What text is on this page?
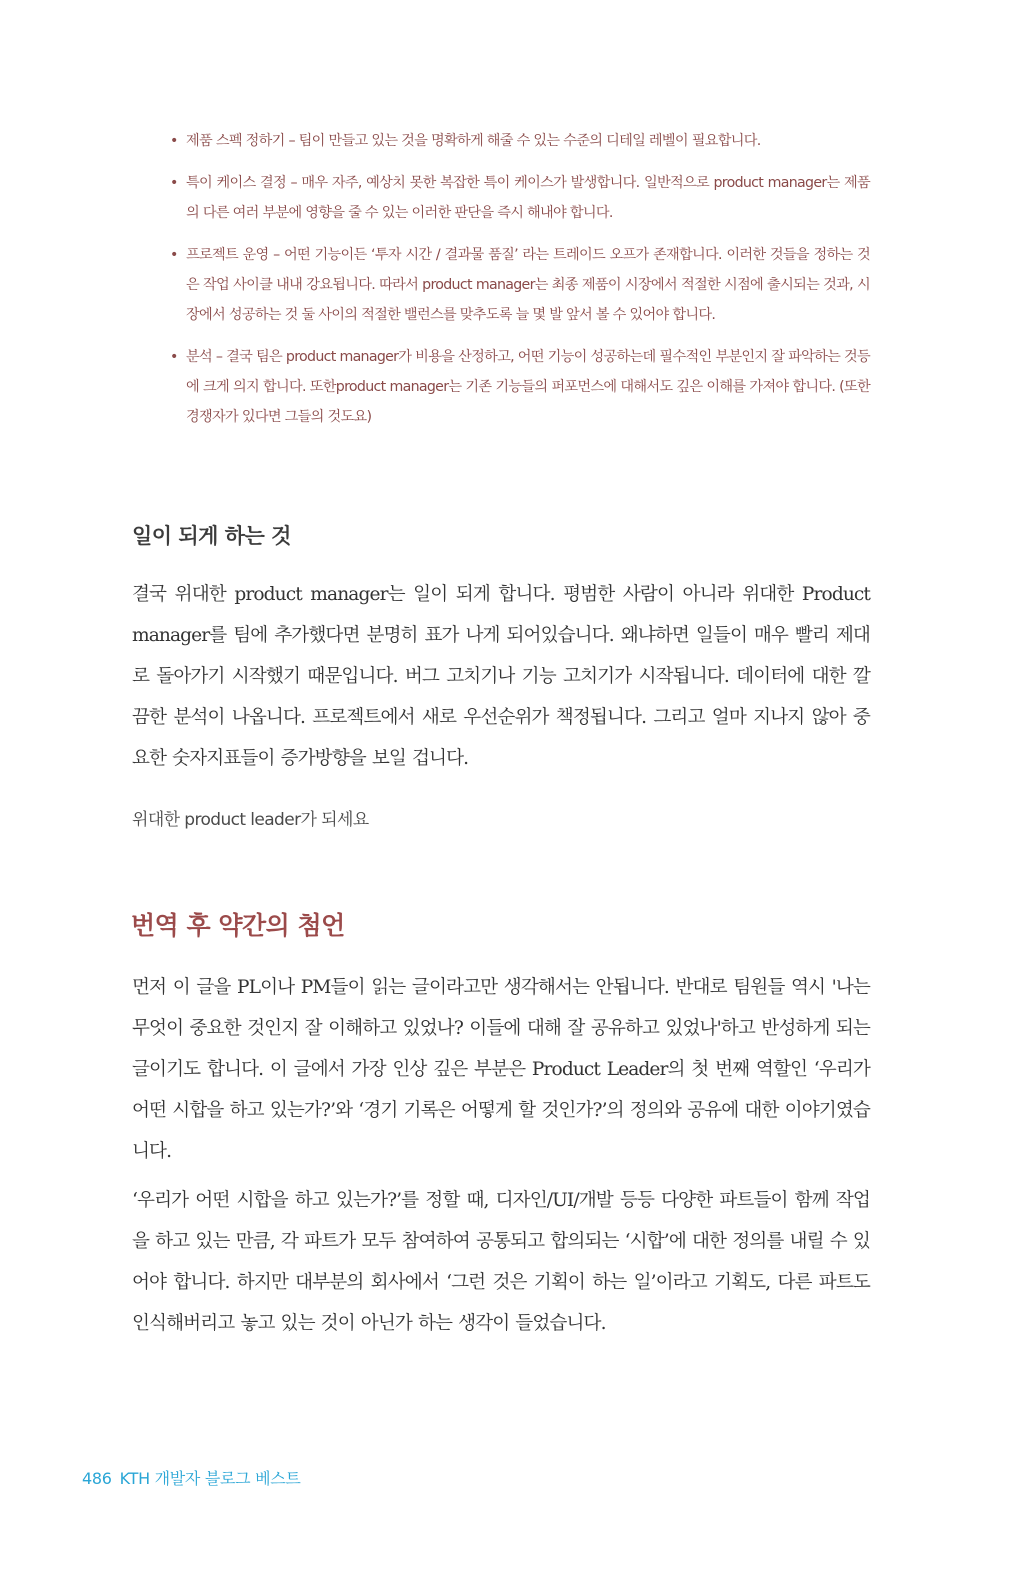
• 제품 스펙 정하기 – 팀이 만들고 있는 것을 명확하게 해줄 수 있는 수준의 디테일 레벨이 필요합니다.
• 특이 케이스 결정 – 매우 자주, 예상치 못한 복잡한 특이 케이스가 발생합니다. 일반적으로 product manager는 제품의 다른 여러 부분에 영향을 줄 수 있는 이러한 판단을 즉시 해내야 합니다.
• 프로젝트 운영 – 어떤 기능이든 ‘투자 시간 / 결과물 품질’ 라는 트레이드 오프가 존재합니다. 이러한 것들을 정하는 것은 작업 사이클 내내 강요됩니다. 따라서 product manager는 최종 제품이 시장에서 적절한 시점에 출시되는 것과, 시장에서 성공하는 것 둘 사이의 적절한 밸런스를 맞추도록 늘 몇 발 앞서 볼 수 있어야 합니다.
• 분석 – 결국 팀은 product manager가 비용을 산정하고, 어떤 기능이 성공하는데 필수적인 부분인지 잘 파악하는 것등에 크게 의지 합니다. 또한product manager는 기존 기능들의 퍼포먼스에 대해서도 깊은 이해를 가져야 합니다. (또한 경쟁자가 있다면 그들의 것도요)
일이 되게 하는 것

결국 위대한 product manager는 일이 되게 합니다. 평범한 사람이 아니라 위대한 Product manager를 팀에 추가했다면 분명히 표가 나게 되어있습니다. 왜냐하면 일들이 매우 빨리 제대로 돌아가기 시작했기 때문입니다. 버그 고치기나 기능 고치기가 시작됩니다. 데이터에 대한 깔끔한 분석이 나옵니다. 프로젝트에서 새로 우선순위가 책정됩니다. 그리고 얼마 지나지 않아 중요한 숫자지표들이 증가방향을 보일 겁니다.

위대한 product leader가 되세요

번역 후 약간의 첨언

먼저 이 글을 PL이나 PM들이 읽는 글이라고만 생각해서는 안됩니다. 반대로 팀원들 역시 '나는 무엇이 중요한 것인지 잘 이해하고 있었나? 이들에 대해 잘 공유하고 있었나'하고 반성하게 되는 글이기도 합니다. 이 글에서 가장 인상 깊은 부분은 Product Leader의 첫 번째 역할인 ‘우리가 어떤 시합을 하고 있는가?’와 ‘경기 기록은 어떻게 할 것인가?’의 정의와 공유에 대한 이야기였습니다.

‘우리가 어떤 시합을 하고 있는가?’를 정할 때, 디자인/UI/개발 등등 다양한 파트들이 함께 작업을 하고 있는 만큼, 각 파트가 모두 참여하여 공통되고 합의되는 ‘시합’에 대한 정의를 내릴 수 있어야 합니다. 하지만 대부분의 회사에서 ‘그런 것은 기획이 하는 일’이라고 기획도, 다른 파트도 인식해버리고 놓고 있는 것이 아닌가 하는 생각이 들었습니다.

486 KTH 개발자 블로그 베스트
